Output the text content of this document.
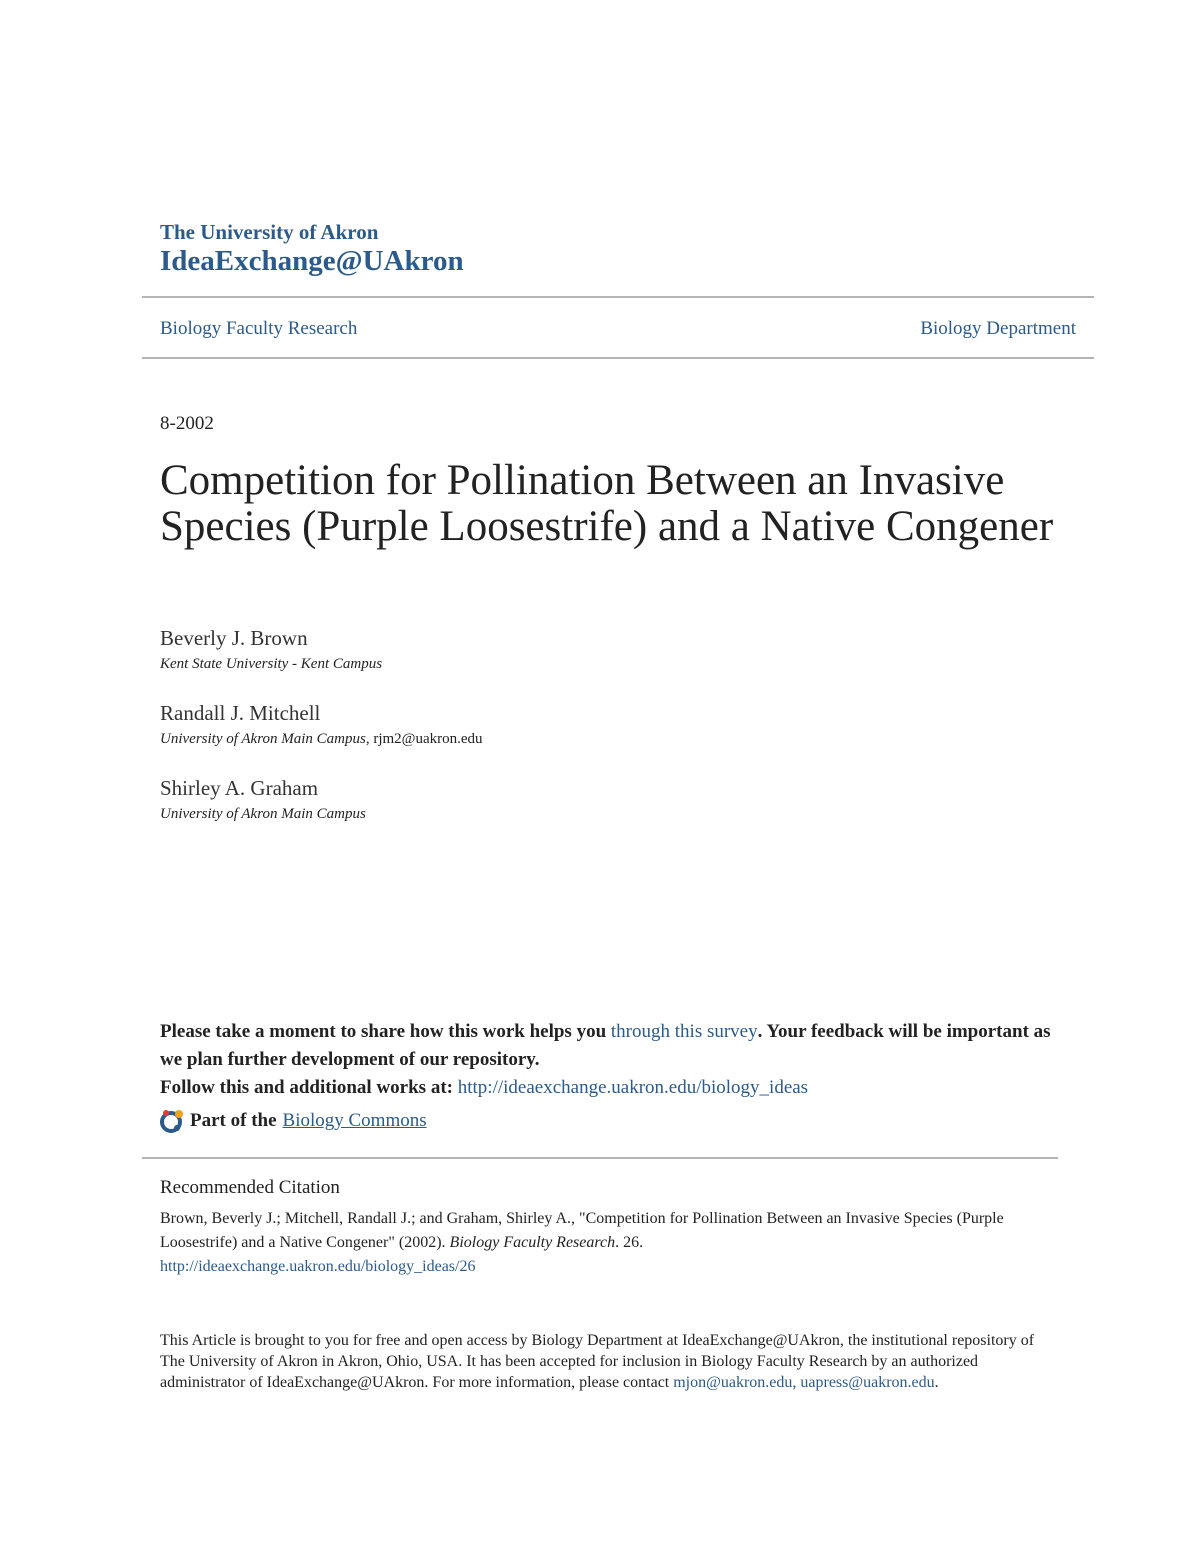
The University of Akron
IdeaExchange@UAkron
Biology Faculty Research	Biology Department
8-2002
Competition for Pollination Between an Invasive Species (Purple Loosestrife) and a Native Congener
Beverly J. Brown
Kent State University - Kent Campus
Randall J. Mitchell
University of Akron Main Campus, rjm2@uakron.edu
Shirley A. Graham
University of Akron Main Campus
Please take a moment to share how this work helps you through this survey. Your feedback will be important as we plan further development of our repository.
Follow this and additional works at: http://ideaexchange.uakron.edu/biology_ideas
Part of the Biology Commons
Recommended Citation
Brown, Beverly J.; Mitchell, Randall J.; and Graham, Shirley A., "Competition for Pollination Between an Invasive Species (Purple Loosestrife) and a Native Congener" (2002). Biology Faculty Research. 26.
http://ideaexchange.uakron.edu/biology_ideas/26
This Article is brought to you for free and open access by Biology Department at IdeaExchange@UAkron, the institutional repository of The University of Akron in Akron, Ohio, USA. It has been accepted for inclusion in Biology Faculty Research by an authorized administrator of IdeaExchange@UAkron. For more information, please contact mjon@uakron.edu, uapress@uakron.edu.
